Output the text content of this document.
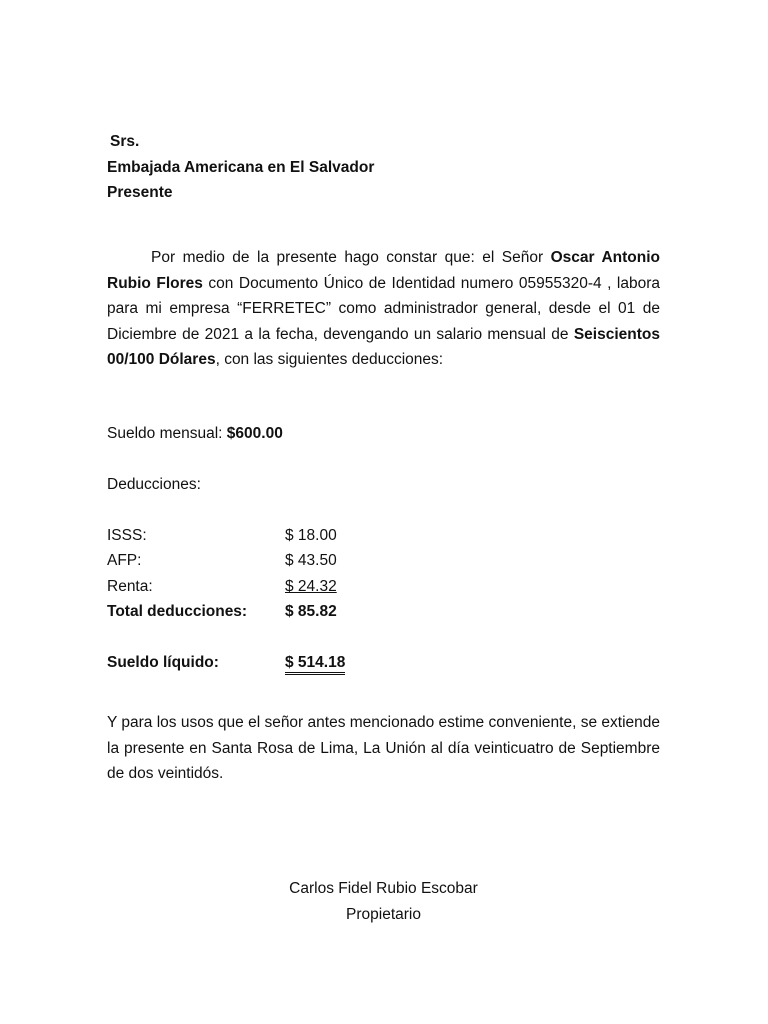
Srs.
Embajada Americana en El Salvador
Presente
Por medio de la presente hago constar que: el Señor Oscar Antonio Rubio Flores con Documento Único de Identidad numero 05955320-4 , labora para mi empresa “FERRETEC” como administrador general, desde el 01 de Diciembre de 2021 a la fecha, devengando un salario mensual de Seiscientos 00/100 Dólares, con las siguientes deducciones:
Sueldo mensual: $600.00
Deducciones:
ISSS:	$ 18.00
AFP:	$ 43.50
Renta:	$ 24.32
Total deducciones: $ 85.82
Sueldo líquido:	$ 514.18
Y para los usos que el señor antes mencionado estime conveniente, se extiende la presente en Santa Rosa de Lima, La Unión al día veinticuatro de Septiembre de dos veintidós.
Carlos Fidel Rubio Escobar
Propietario
